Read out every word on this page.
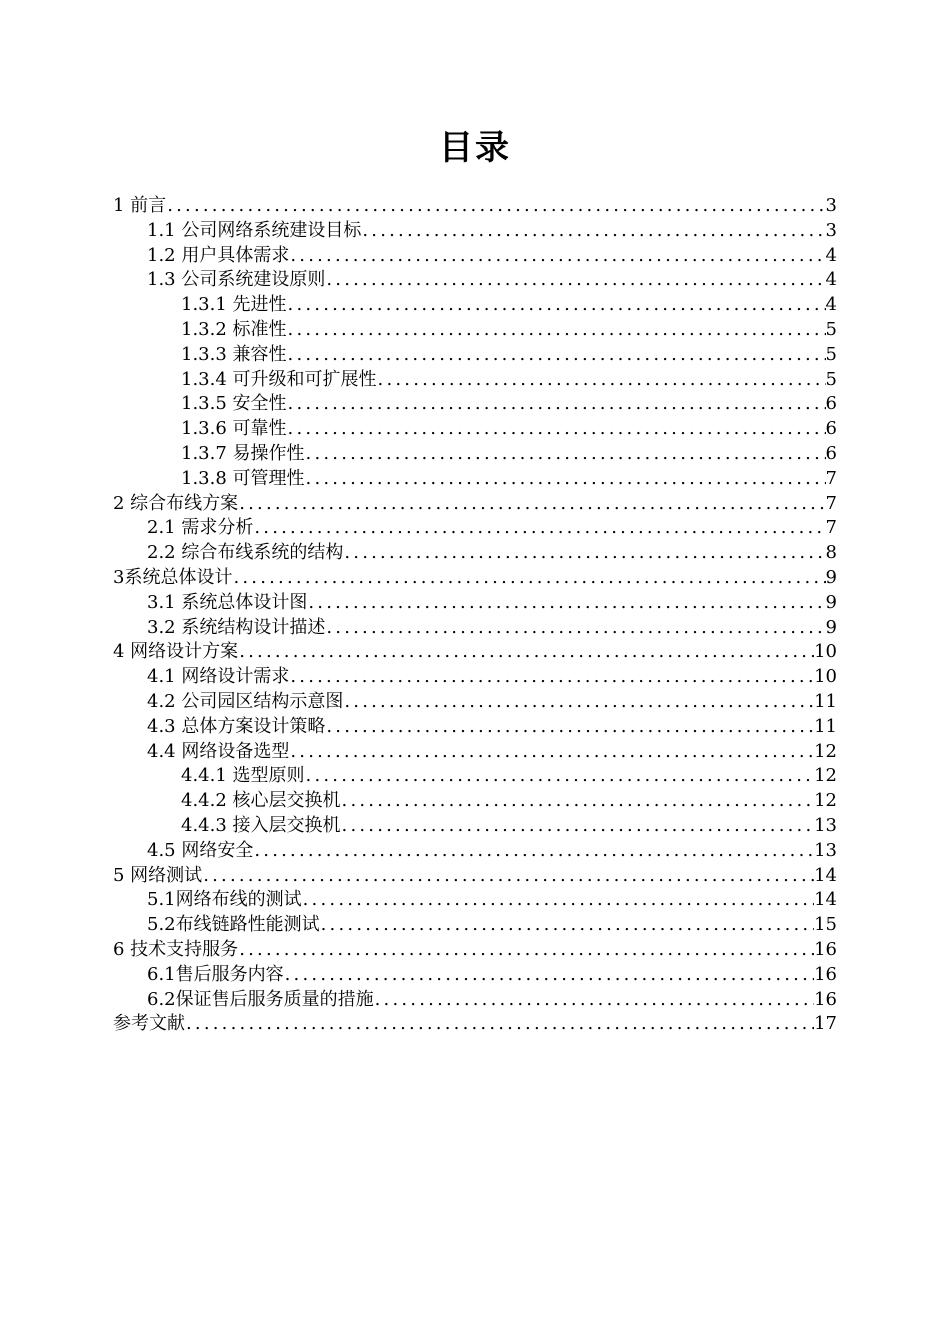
目录
1 前言 .....	3
1.1 公司网络系统建设目标 .....	3
1.2 用户具体需求 .....	4
1.3 公司系统建设原则 .....	4
1.3.1 先进性 .....	4
1.3.2 标准性 .....	5
1.3.3 兼容性 .....	5
1.3.4 可升级和可扩展性 .....	5
1.3.5 安全性 .....	6
1.3.6 可靠性 .....	6
1.3.7 易操作性 .....	6
1.3.8 可管理性 .....	7
2 综合布线方案 .....	7
2.1 需求分析 .....	7
2.2 综合布线系统的结构 .....	8
3系统总体设计 .....	9
3.1 系统总体设计图 .....	9
3.2 系统结构设计描述 .....	9
4 网络设计方案 .....	10
4.1 网络设计需求 .....	10
4.2 公司园区结构示意图 .....	11
4.3 总体方案设计策略 .....	11
4.4 网络设备选型 .....	12
4.4.1 选型原则 .....	12
4.4.2 核心层交换机 .....	12
4.4.3 接入层交换机 .....	13
4.5 网络安全 .....	13
5 网络测试 .....	14
5.1网络布线的测试 .....	14
5.2布线链路性能测试 .....	15
6 技术支持服务 .....	16
6.1售后服务内容 .....	16
6.2保证售后服务质量的措施 .....	16
参考文献 .....	17
